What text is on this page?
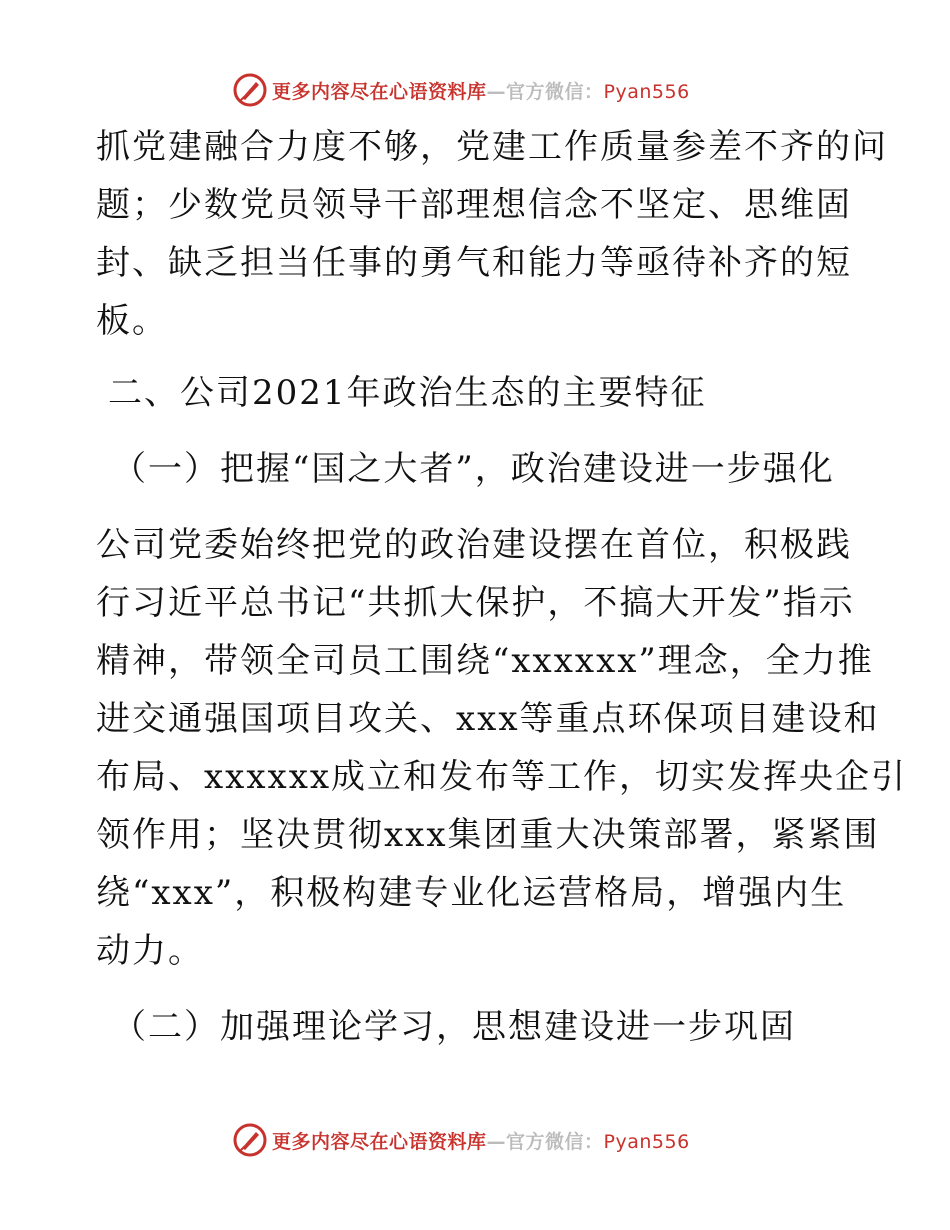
更多内容尽在心语资料库—官方微信：Pyan556
抓党建融合力度不够，党建工作质量参差不齐的问
题；少数党员领导干部理想信念不坚定、思维固
封、缺乏担当任事的勇气和能力等亟待补齐的短
板。
二、公司2021年政治生态的主要特征
（一）把握“国之大者”，政治建设进一步强化
公司党委始终把党的政治建设摆在首位，积极践
行习近平总书记“共抓大保护，不搞大开发”指示
精神，带领全司员工围绕“xxxxxx”理念，全力推
进交通强国项目攻关、xxx等重点环保项目建设和
布局、xxxxxx成立和发布等工作，切实发挥央企引
领作用；坚决贯彻xxx集团重大决策部署，紧紧围
绕“xxx”，积极构建专业化运营格局，增强内生
动力。
（二）加强理论学习，思想建设进一步巩固
更多内容尽在心语资料库—官方微信：Pyan556
